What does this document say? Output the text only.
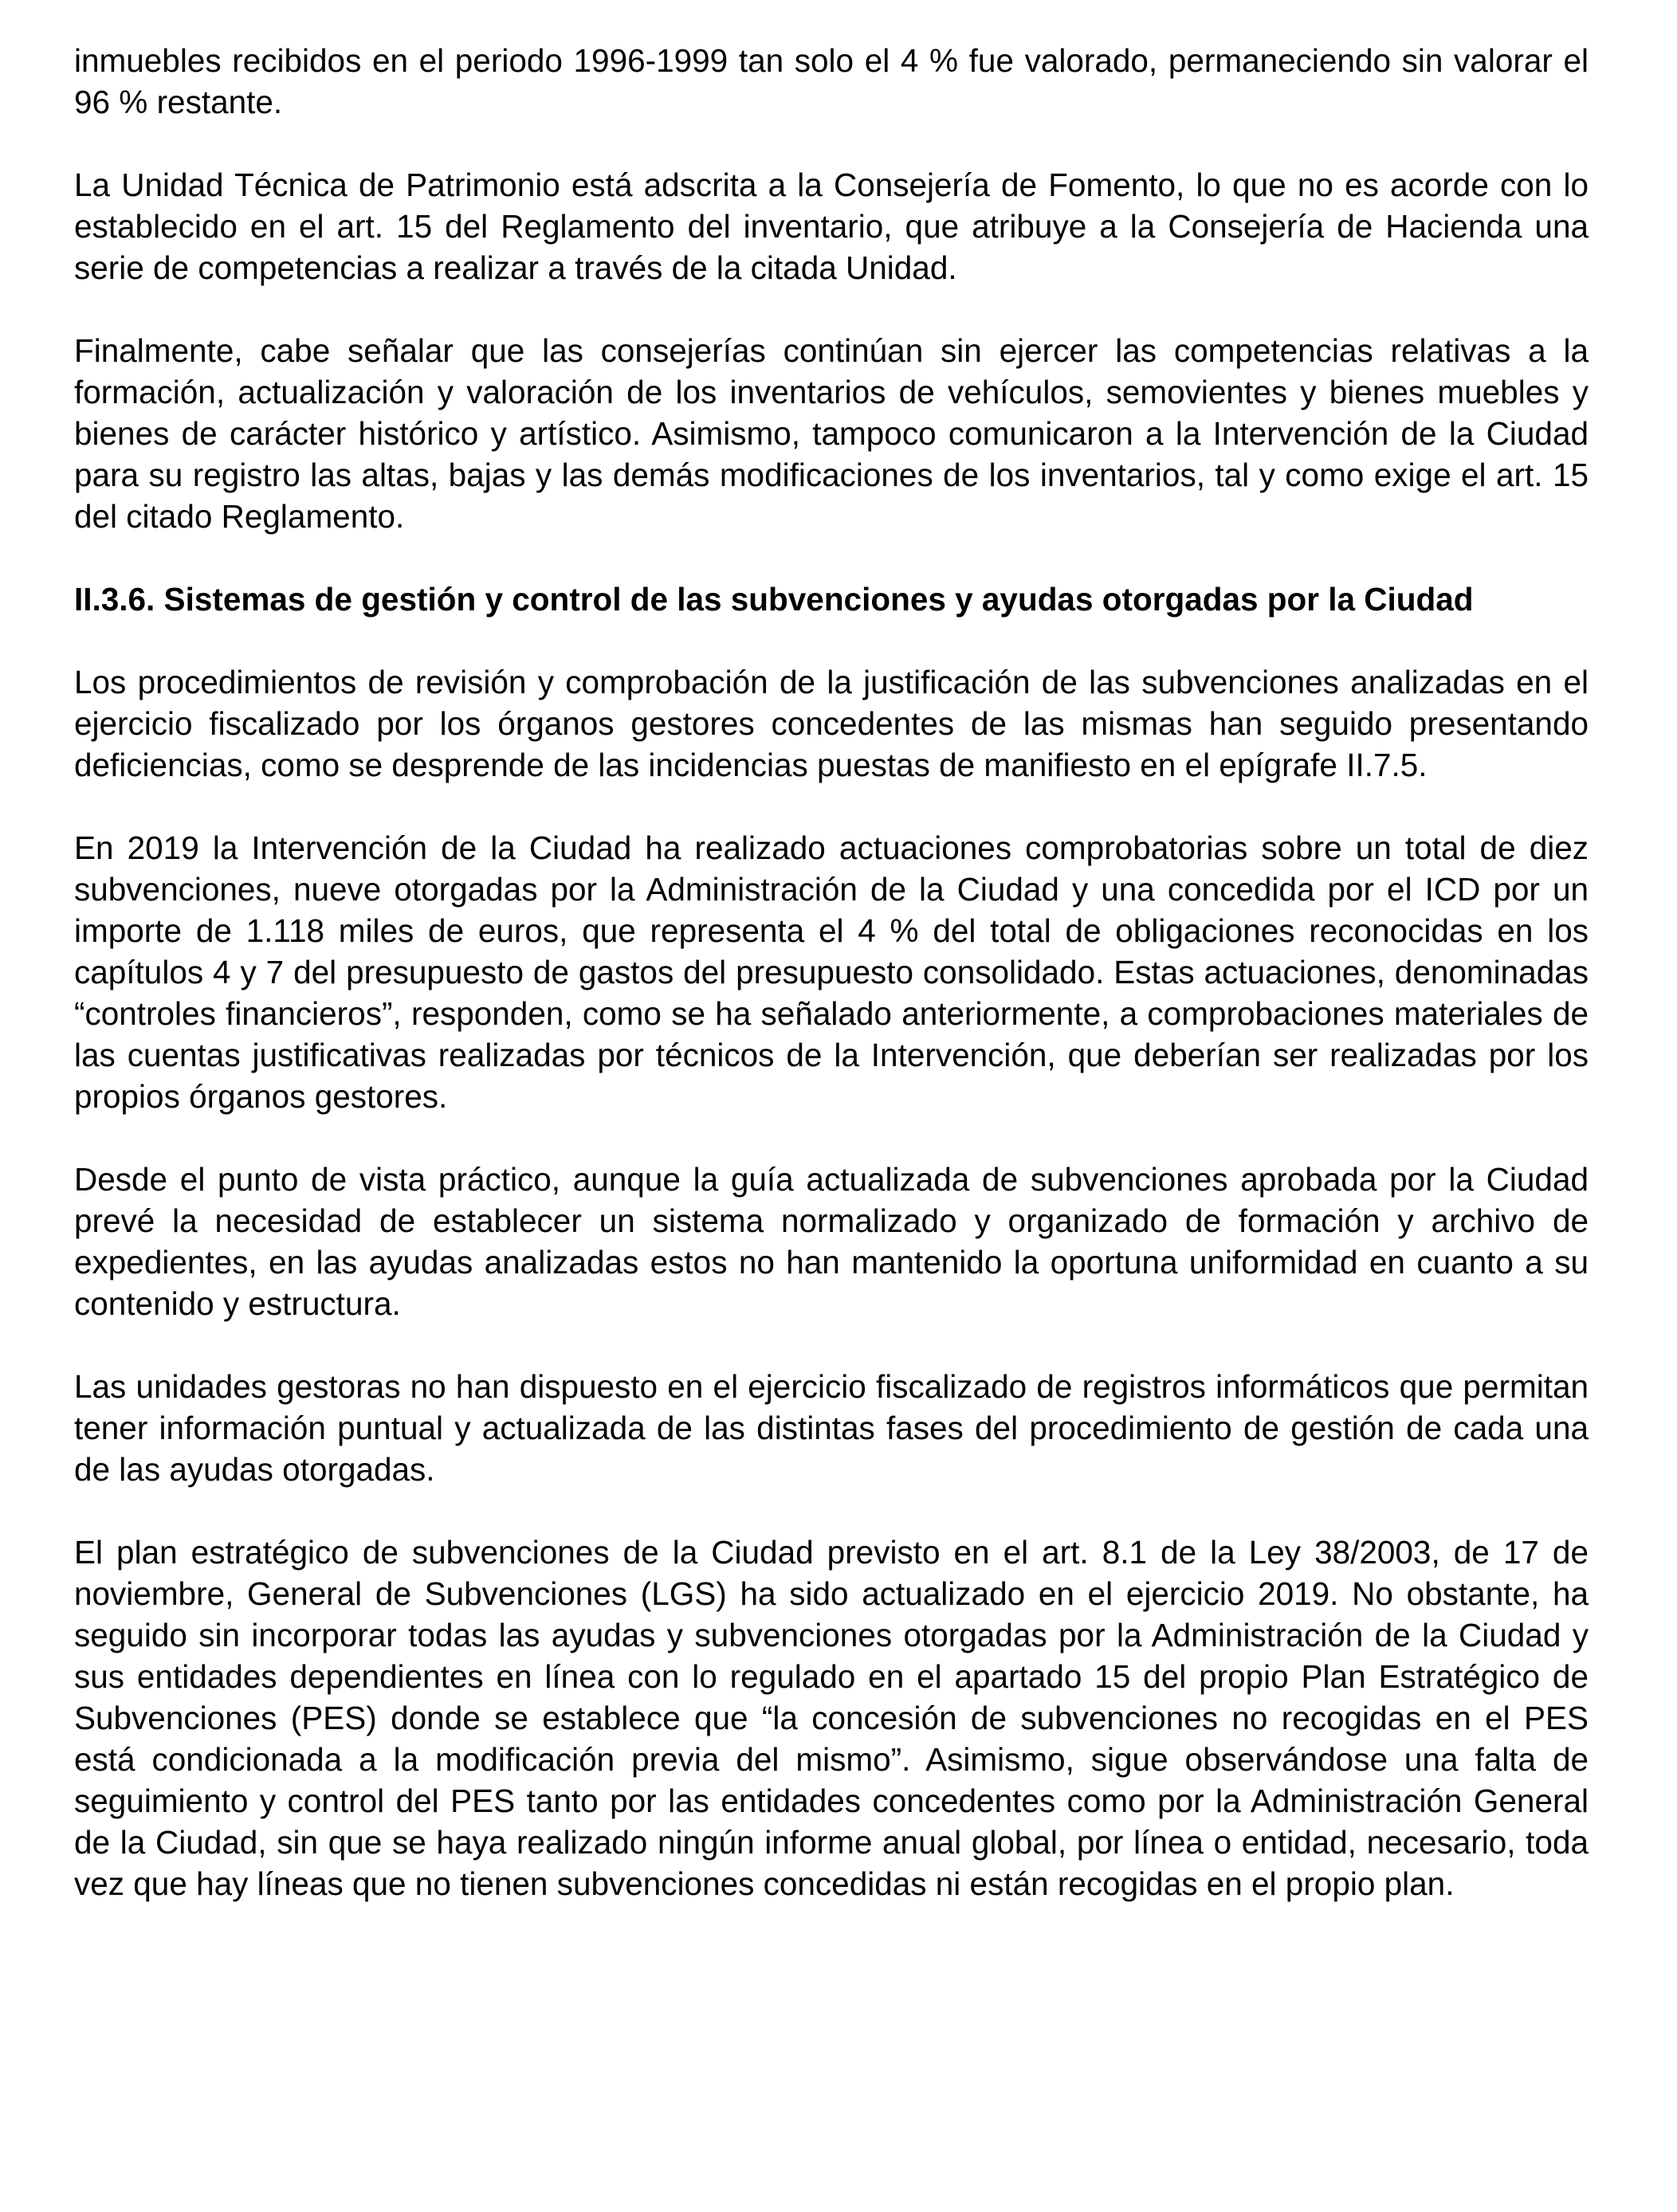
inmuebles recibidos en el periodo 1996-1999 tan solo el 4 % fue valorado, permaneciendo sin valorar el 96 % restante.

La Unidad Técnica de Patrimonio está adscrita a la Consejería de Fomento, lo que no es acorde con lo establecido en el art. 15 del Reglamento del inventario, que atribuye a la Consejería de Hacienda una serie de competencias a realizar a través de la citada Unidad.

Finalmente, cabe señalar que las consejerías continúan sin ejercer las competencias relativas a la formación, actualización y valoración de los inventarios de vehículos, semovientes y bienes muebles y bienes de carácter histórico y artístico. Asimismo, tampoco comunicaron a la Intervención de la Ciudad para su registro las altas, bajas y las demás modificaciones de los inventarios, tal y como exige el art. 15 del citado Reglamento.

II.3.6. Sistemas de gestión y control de las subvenciones y ayudas otorgadas por la Ciudad

Los procedimientos de revisión y comprobación de la justificación de las subvenciones analizadas en el ejercicio fiscalizado por los órganos gestores concedentes de las mismas han seguido presentando deficiencias, como se desprende de las incidencias puestas de manifiesto en el epígrafe II.7.5.

En 2019 la Intervención de la Ciudad ha realizado actuaciones comprobatorias sobre un total de diez subvenciones, nueve otorgadas por la Administración de la Ciudad y una concedida por el ICD por un importe de 1.118 miles de euros, que representa el 4 % del total de obligaciones reconocidas en los capítulos 4 y 7 del presupuesto de gastos del presupuesto consolidado. Estas actuaciones, denominadas “controles financieros”, responden, como se ha señalado anteriormente, a comprobaciones materiales de las cuentas justificativas realizadas por técnicos de la Intervención, que deberían ser realizadas por los propios órganos gestores.

Desde el punto de vista práctico, aunque la guía actualizada de subvenciones aprobada por la Ciudad prevé la necesidad de establecer un sistema normalizado y organizado de formación y archivo de expedientes, en las ayudas analizadas estos no han mantenido la oportuna uniformidad en cuanto a su contenido y estructura.

Las unidades gestoras no han dispuesto en el ejercicio fiscalizado de registros informáticos que permitan tener información puntual y actualizada de las distintas fases del procedimiento de gestión de cada una de las ayudas otorgadas.

El plan estratégico de subvenciones de la Ciudad previsto en el art. 8.1 de la Ley 38/2003, de 17 de noviembre, General de Subvenciones (LGS) ha sido actualizado en el ejercicio 2019. No obstante, ha seguido sin incorporar todas las ayudas y subvenciones otorgadas por la Administración de la Ciudad y sus entidades dependientes en línea con lo regulado en el apartado 15 del propio Plan Estratégico de Subvenciones (PES) donde se establece que “la concesión de subvenciones no recogidas en el PES está condicionada a la modificación previa del mismo”. Asimismo, sigue observándose una falta de seguimiento y control del PES tanto por las entidades concedentes como por la Administración General de la Ciudad, sin que se haya realizado ningún informe anual global, por línea o entidad, necesario, toda vez que hay líneas que no tienen subvenciones concedidas ni están recogidas en el propio plan.
